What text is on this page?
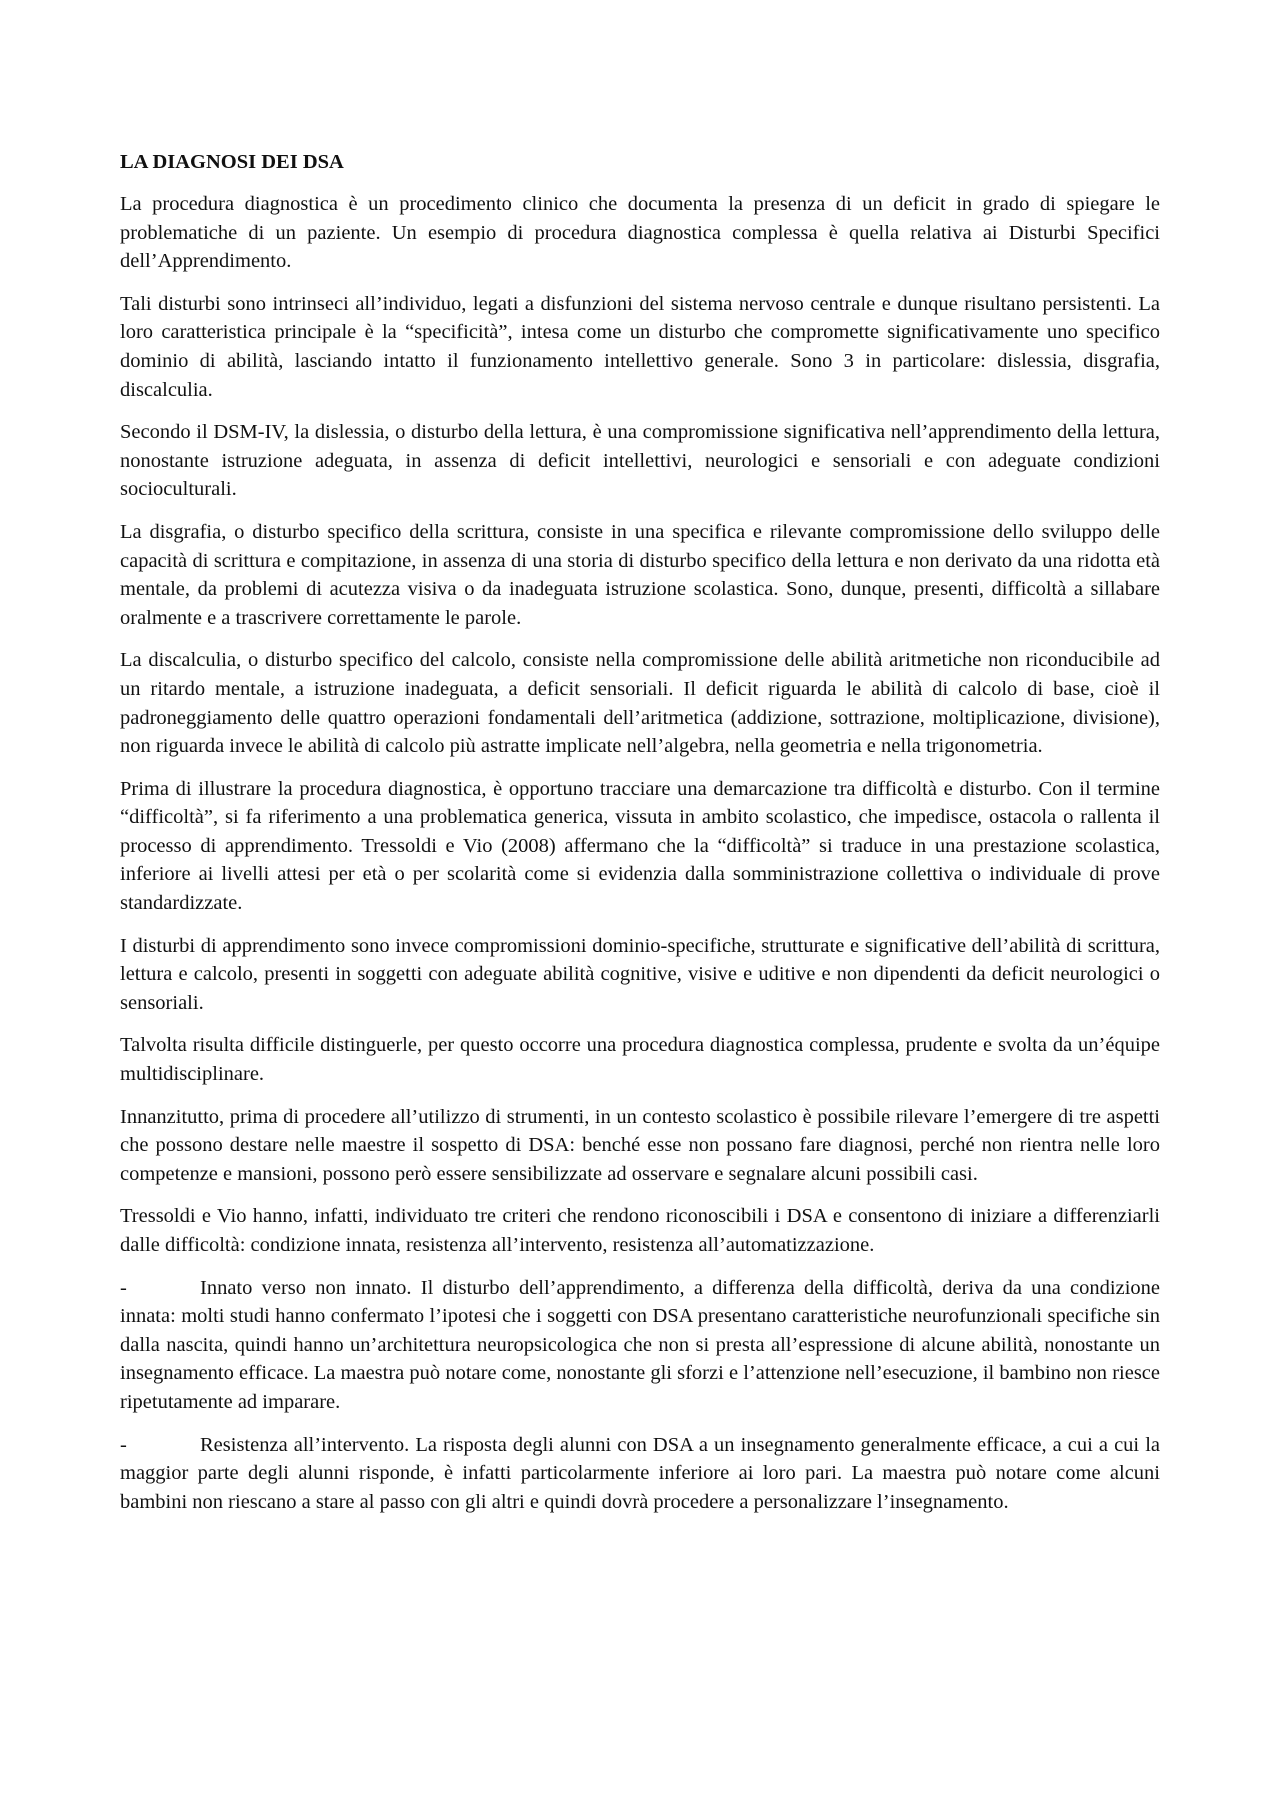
LA DIAGNOSI DEI DSA

La procedura diagnostica è un procedimento clinico che documenta la presenza di un deficit in grado di spiegare le problematiche di un paziente. Un esempio di procedura diagnostica complessa è quella relativa ai Disturbi Specifici dell’Apprendimento.

Tali disturbi sono intrinseci all’individuo, legati a disfunzioni del sistema nervoso centrale e dunque risultano persistenti. La loro caratteristica principale è la “specificità”, intesa come un disturbo che compromette significativamente uno specifico dominio di abilità, lasciando intatto il funzionamento intellettivo generale. Sono 3 in particolare: dislessia, disgrafia, discalculia.

Secondo il DSM-IV, la dislessia, o disturbo della lettura, è una compromissione significativa nell’apprendimento della lettura, nonostante istruzione adeguata, in assenza di deficit intellettivi, neurologici e sensoriali e con adeguate condizioni socioculturali.

La disgrafia, o disturbo specifico della scrittura, consiste in una specifica e rilevante compromissione dello sviluppo delle capacità di scrittura e compitazione, in assenza di una storia di disturbo specifico della lettura e non derivato da una ridotta età mentale, da problemi di acutezza visiva o da inadeguata istruzione scolastica. Sono, dunque, presenti, difficoltà a sillabare oralmente e a trascrivere correttamente le parole.

La discalculia, o disturbo specifico del calcolo, consiste nella compromissione delle abilità aritmetiche non riconducibile ad un ritardo mentale, a istruzione inadeguata, a deficit sensoriali. Il deficit riguarda le abilità di calcolo di base, cioè il padroneggiamento delle quattro operazioni fondamentali dell’aritmetica (addizione, sottrazione, moltiplicazione, divisione), non riguarda invece le abilità di calcolo più astratte implicate nell’algebra, nella geometria e nella trigonometria.

Prima di illustrare la procedura diagnostica, è opportuno tracciare una demarcazione tra difficoltà e disturbo. Con il termine “difficoltà”, si fa riferimento a una problematica generica, vissuta in ambito scolastico, che impedisce, ostacola o rallenta il processo di apprendimento. Tressoldi e Vio (2008) affermano che la “difficoltà” si traduce in una prestazione scolastica, inferiore ai livelli attesi per età o per scolarità come si evidenzia dalla somministrazione collettiva o individuale di prove standardizzate.

I disturbi di apprendimento sono invece compromissioni dominio-specifiche, strutturate e significative dell’abilità di scrittura, lettura e calcolo, presenti in soggetti con adeguate abilità cognitive, visive e uditive e non dipendenti da deficit neurologici o sensoriali.

Talvolta risulta difficile distinguerle, per questo occorre una procedura diagnostica complessa, prudente e svolta da un’équipe multidisciplinare.

Innanzitutto, prima di procedere all’utilizzo di strumenti, in un contesto scolastico è possibile rilevare l’emergere di tre aspetti che possono destare nelle maestre il sospetto di DSA: benché esse non possano fare diagnosi, perché non rientra nelle loro competenze e mansioni, possono però essere sensibilizzate ad osservare e segnalare alcuni possibili casi.

Tressoldi e Vio hanno, infatti, individuato tre criteri che rendono riconoscibili i DSA e consentono di iniziare a differenziarli dalle difficoltà: condizione innata, resistenza all’intervento, resistenza all’automatizzazione.

-	Innato verso non innato. Il disturbo dell’apprendimento, a differenza della difficoltà, deriva da una condizione innata: molti studi hanno confermato l’ipotesi che i soggetti con DSA presentano caratteristiche neurofunzionali specifiche sin dalla nascita, quindi hanno un’architettura neuropsicologica che non si presta all’espressione di alcune abilità, nonostante un insegnamento efficace. La maestra può notare come, nonostante gli sforzi e l’attenzione nell’esecuzione, il bambino non riesce ripetutamente ad imparare.

-	Resistenza all’intervento. La risposta degli alunni con DSA a un insegnamento generalmente efficace, a cui a cui la maggior parte degli alunni risponde, è infatti particolarmente inferiore ai loro pari. La maestra può notare come alcuni bambini non riescano a stare al passo con gli altri e quindi dovrà procedere a personalizzare l’insegnamento.
